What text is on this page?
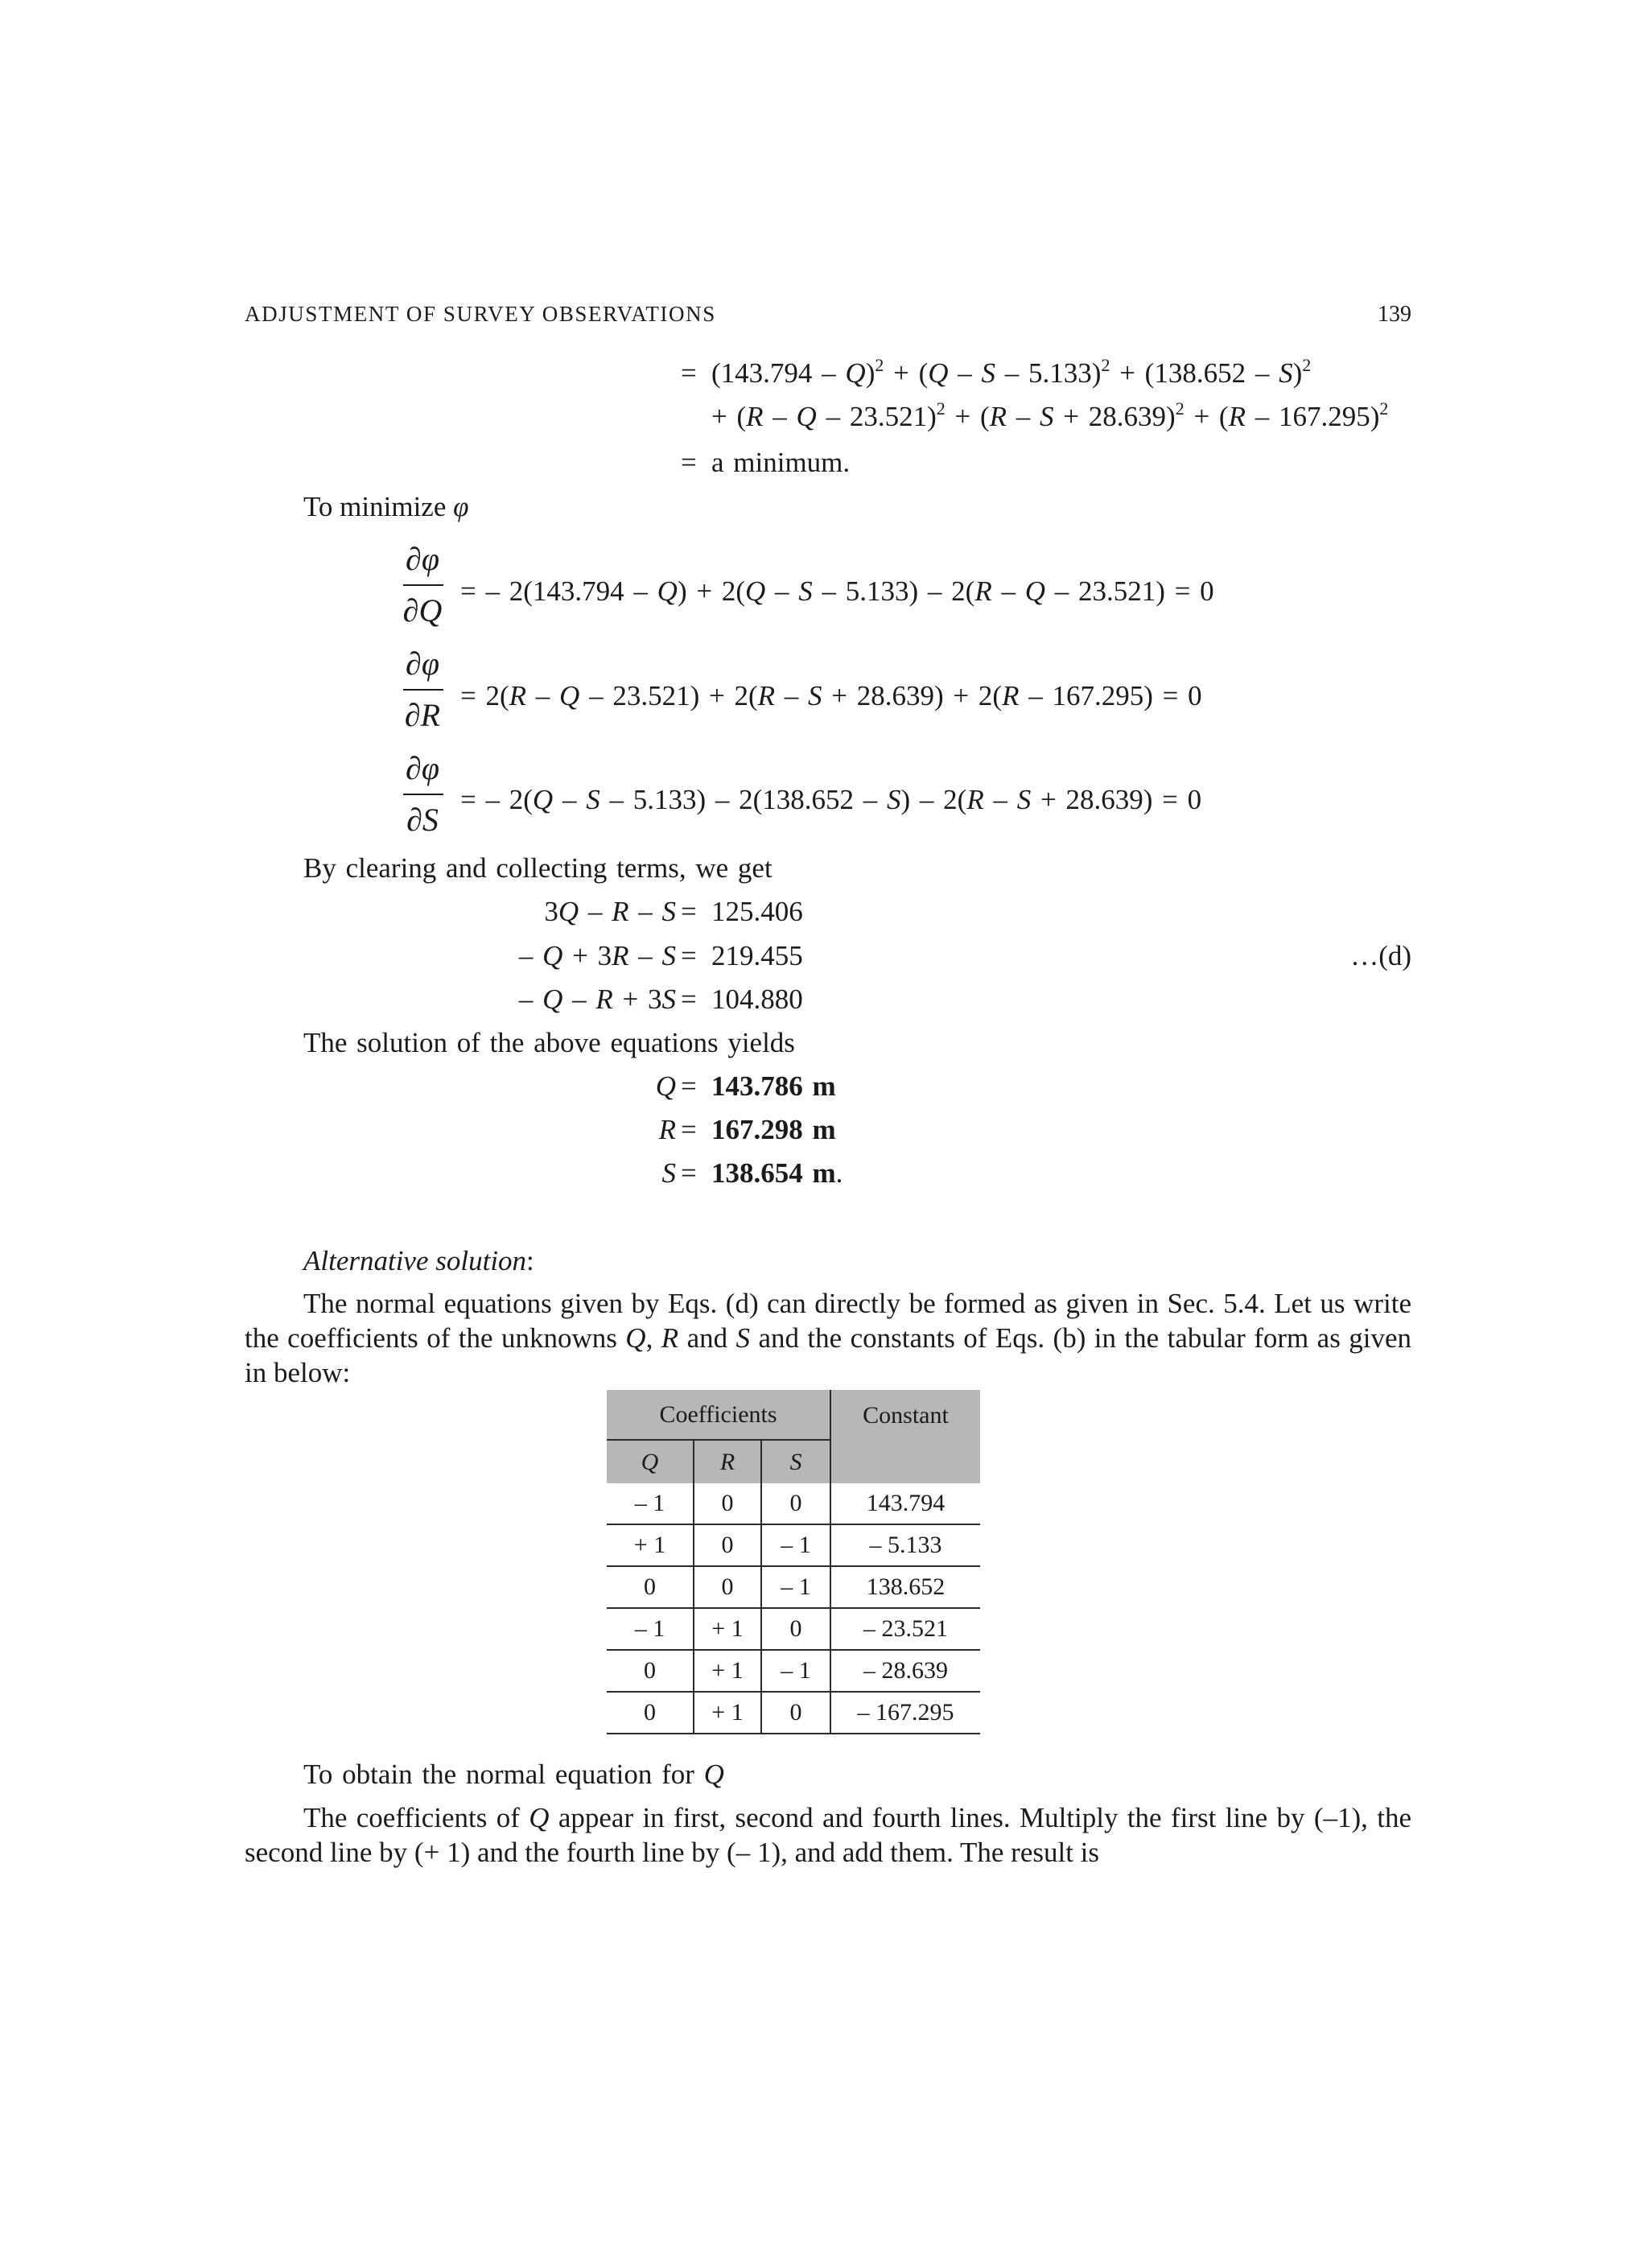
ADJUSTMENT OF SURVEY OBSERVATIONS	139
= (143.794 – Q)$^2$ + (Q – S – 5.133)$^2$ + (138.652 – S)$^2$
+ $(R - Q - 23.521)^2 + (R - S + 28.639)^2 + (R - 167.295)^2$
= a minimum.
To minimize φ
∂φ
∂Q
= – 2(143.794 – Q) + 2(Q – S – 5.133) – 2(R – Q – 23.521) = 0
∂φ
∂R
= 2(R – Q – 23.521) + 2(R – S + 28.639) + 2(R – 167.295) = 0
∂φ
∂S
= – 2(Q – S – 5.133) – 2(138.652 – S) – 2(R – S + 28.639) = 0
By clearing and collecting terms, we get
3Q – R – S = 125.406
– Q + 3R – S = 219.455	…(d)
– Q – R + 3S = 104.880
The solution of the above equations yields
Q = 143.786 m
R = 167.298 m
S = 138.654 m.
Alternative solution:
The normal equations given by Eqs. (d) can directly be formed as given in Sec. 5.4. Let us write the coefficients of the unknowns Q, R and S and the constants of Eqs. (b) in the tabular form as given in below:
Coefficients			Constant
Q	R	S	
– 1	0	0	143.794
+ 1	0	– 1	– 5.133
0	0	– 1	138.652
– 1	+ 1	0	– 23.521
0	+ 1	– 1	– 28.639
0	+ 1	0	– 167.295
To obtain the normal equation for Q
The coefficients of Q appear in first, second and fourth lines. Multiply the first line by (–1), the second line by (+ 1) and the fourth line by (– 1), and add them. The result is
